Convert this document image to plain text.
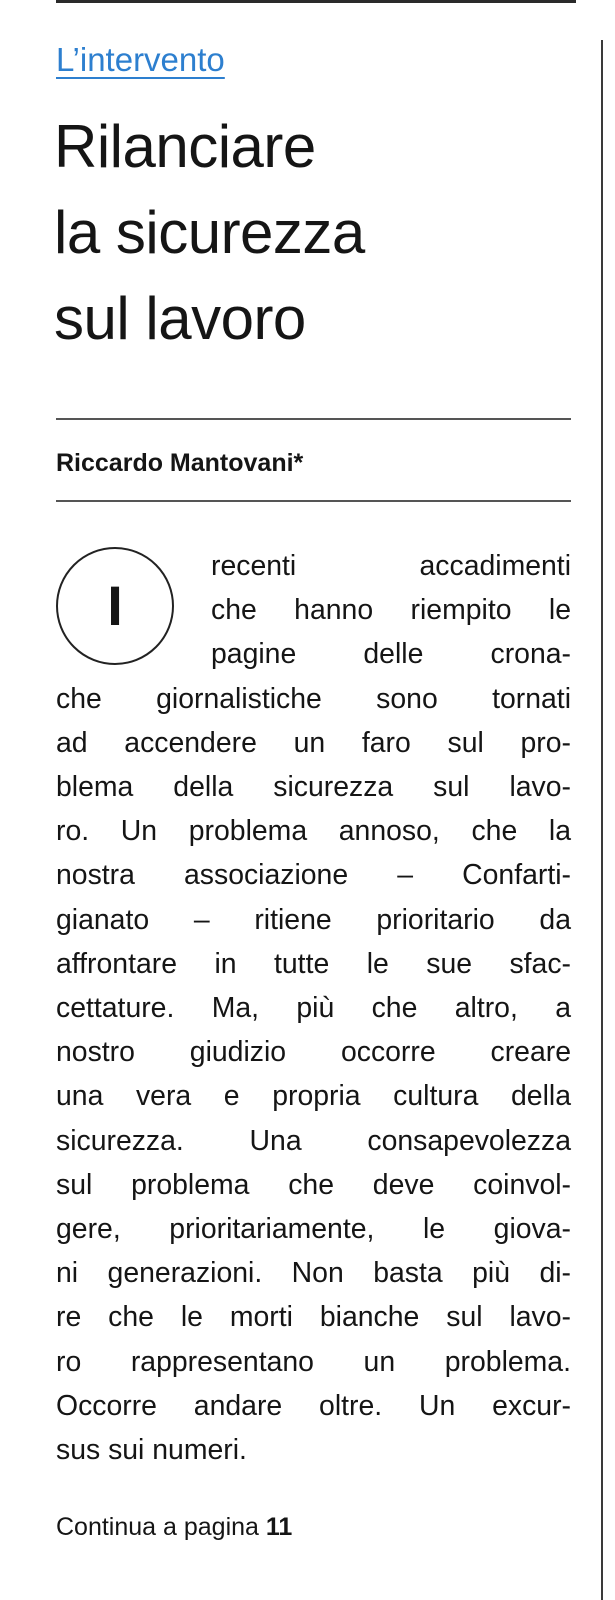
L’intervento
Rilanciare
la sicurezza
sul lavoro
Riccardo Mantovani*
I
recenti accadimenti
che hanno riempito le
pagine delle crona-
che giornalistiche sono tornati
ad accendere un faro sul pro-
blema della sicurezza sul lavo-
ro. Un problema annoso, che la
nostra associazione – Confarti-
gianato – ritiene prioritario da
affrontare in tutte le sue sfac-
cettature. Ma, più che altro, a
nostro giudizio occorre creare
una vera e propria cultura della
sicurezza. Una consapevolezza
sul problema che deve coinvol-
gere, prioritariamente, le giova-
ni generazioni. Non basta più di-
re che le morti bianche sul lavo-
ro rappresentano un problema.
Occorre andare oltre. Un excur-
sus sui numeri.
Continua a pagina 11
